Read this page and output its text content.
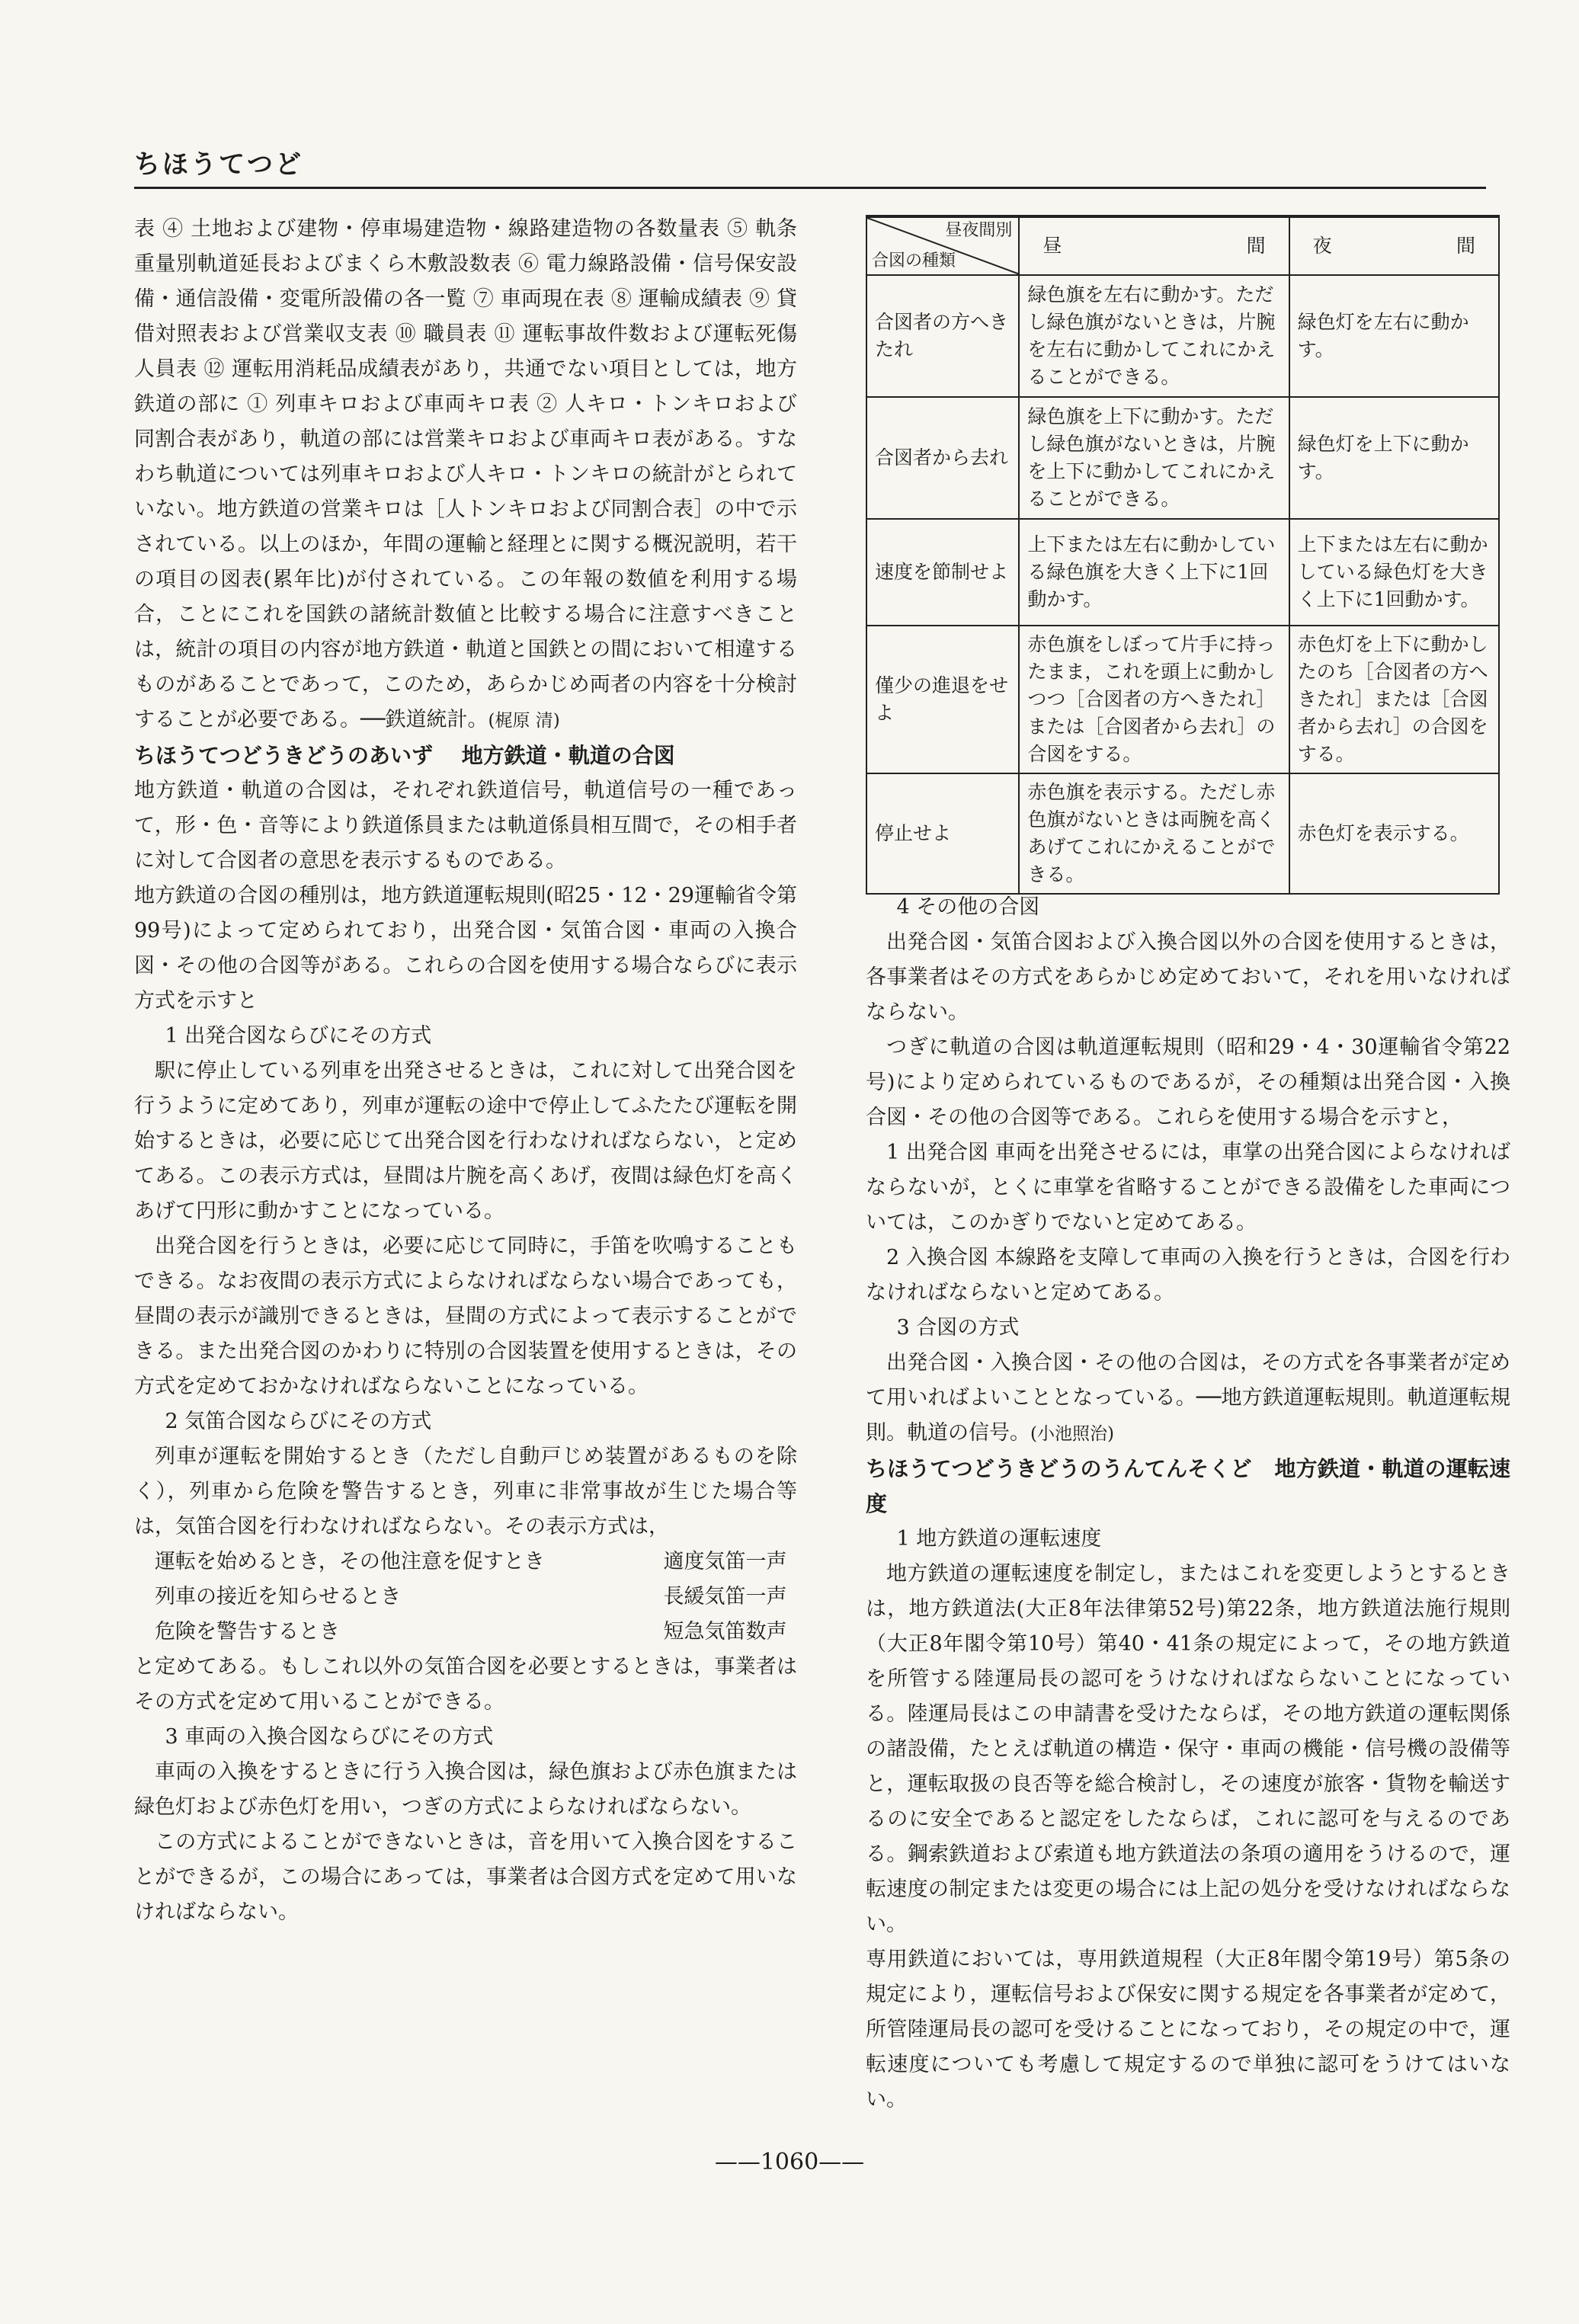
ちほうてつど

表 ④ 土地および建物・停車場建造物・線路建造物の各数量表 ⑤ 軌条重量別軌道延長およびまくら木敷設数表 ⑥ 電力線路設備・信号保安設備・通信設備・変電所設備の各一覧 ⑦ 車両現在表 ⑧ 運輸成績表 ⑨ 貸借対照表および営業収支表 ⑩ 職員表 ⑪ 運転事故件数および運転死傷人員表 ⑫ 運転用消耗品成績表があり，共通でない項目としては，地方鉄道の部に ① 列車キロおよび車両キロ表 ② 人キロ・トンキロおよび同割合表があり，軌道の部には営業キロおよび車両キロ表がある。すなわち軌道については列車キロおよび人キロ・トンキロの統計がとられていない。地方鉄道の営業キロは［人トンキロおよび同割合表］の中で示されている。以上のほか，年間の運輸と経理とに関する概況説明，若干の項目の図表(累年比)が付されている。この年報の数値を利用する場合，ことにこれを国鉄の諸統計数値と比較する場合に注意すべきことは，統計の項目の内容が地方鉄道・軌道と国鉄との間において相違するものがあることであって，このため，あらかじめ両者の内容を十分検討することが必要である。──鉄道統計。(梶原 清)

ちほうてつどうきどうのあいず 地方鉄道・軌道の合図

地方鉄道・軌道の合図は，それぞれ鉄道信号，軌道信号の一種であって，形・色・音等により鉄道係員または軌道係員相互間で，その相手者に対して合図者の意思を表示するものである。

地方鉄道の合図の種別は，地方鉄道運転規則(昭25・12・29運輸省令第99号)によって定められており，出発合図・気笛合図・車両の入換合図・その他の合図等がある。これらの合図を使用する場合ならびに表示方式を示すと

1 出発合図ならびにその方式

駅に停止している列車を出発させるときは，これに対して出発合図を行うように定めてあり，列車が運転の途中で停止してふたたび運転を開始するときは，必要に応じて出発合図を行わなければならない，と定めてある。この表示方式は，昼間は片腕を高くあげ，夜間は緑色灯を高くあげて円形に動かすことになっている。

出発合図を行うときは，必要に応じて同時に，手笛を吹鳴することもできる。なお夜間の表示方式によらなければならない場合であっても，昼間の表示が識別できるときは，昼間の方式によって表示することができる。また出発合図のかわりに特別の合図装置を使用するときは，その方式を定めておかなければならないことになっている。

2 気笛合図ならびにその方式

列車が運転を開始するとき（ただし自動戸じめ装置があるものを除く），列車から危険を警告するとき，列車に非常事故が生じた場合等は，気笛合図を行わなければならない。その表示方式は，

運転を始めるとき，その他注意を促すとき	適度気笛一声
列車の接近を知らせるとき	長緩気笛一声
危険を警告するとき	短急気笛数声

と定めてある。もしこれ以外の気笛合図を必要とするときは，事業者はその方式を定めて用いることができる。

3 車両の入換合図ならびにその方式

車両の入換をするときに行う入換合図は，緑色旗および赤色旗または緑色灯および赤色灯を用い，つぎの方式によらなければならない。

この方式によることができないときは，音を用いて入換合図をすることができるが，この場合にあっては，事業者は合図方式を定めて用いなければならない。

昼夜間別
合図の種類	昼 間	夜 間
合図者の方へきたれ	緑色旗を左右に動かす。ただし緑色旗がないときは，片腕を左右に動かしてこれにかえることができる。	緑色灯を左右に動かす。
合図者から去れ	緑色旗を上下に動かす。ただし緑色旗がないときは，片腕を上下に動かしてこれにかえることができる。	緑色灯を上下に動かす。
速度を節制せよ	上下または左右に動かしている緑色旗を大きく上下に1回動かす。	上下または左右に動かしている緑色灯を大きく上下に1回動かす。
僅少の進退をせよ	赤色旗をしぼって片手に持ったまま，これを頭上に動かしつつ［合図者の方へきたれ］または［合図者から去れ］の合図をする。	赤色灯を上下に動かしたのち［合図者の方へきたれ］または［合図者から去れ］の合図をする。
停止せよ	赤色旗を表示する。ただし赤色旗がないときは両腕を高くあげてこれにかえることができる。	赤色灯を表示する。

4 その他の合図

出発合図・気笛合図および入換合図以外の合図を使用するときは，各事業者はその方式をあらかじめ定めておいて，それを用いなければならない。

つぎに軌道の合図は軌道運転規則（昭和29・4・30運輸省令第22号)により定められているものであるが，その種類は出発合図・入換合図・その他の合図等である。これらを使用する場合を示すと，

1 出発合図 車両を出発させるには，車掌の出発合図によらなければならないが，とくに車掌を省略することができる設備をした車両については，このかぎりでないと定めてある。

2 入換合図 本線路を支障して車両の入換を行うときは，合図を行わなければならないと定めてある。

3 合図の方式

出発合図・入換合図・その他の合図は，その方式を各事業者が定めて用いればよいこととなっている。──地方鉄道運転規則。軌道運転規則。軌道の信号。(小池照治)

ちほうてつどうきどうのうんてんそくど 地方鉄道・軌道の運転速度

1 地方鉄道の運転速度

地方鉄道の運転速度を制定し，またはこれを変更しようとするときは，地方鉄道法(大正8年法律第52号)第22条，地方鉄道法施行規則（大正8年閣令第10号）第40・41条の規定によって，その地方鉄道を所管する陸運局長の認可をうけなければならないことになっている。陸運局長はこの申請書を受けたならば，その地方鉄道の運転関係の諸設備，たとえば軌道の構造・保守・車両の機能・信号機の設備等と，運転取扱の良否等を総合検討し，その速度が旅客・貨物を輸送するのに安全であると認定をしたならば，これに認可を与えるのである。鋼索鉄道および索道も地方鉄道法の条項の適用をうけるので，運転速度の制定または変更の場合には上記の処分を受けなければならない。

専用鉄道においては，専用鉄道規程（大正8年閣令第19号）第5条の規定により，運転信号および保安に関する規定を各事業者が定めて，所管陸運局長の認可を受けることになっており，その規定の中で，運転速度についても考慮して規定するので単独に認可をうけてはいない。

——1060——
